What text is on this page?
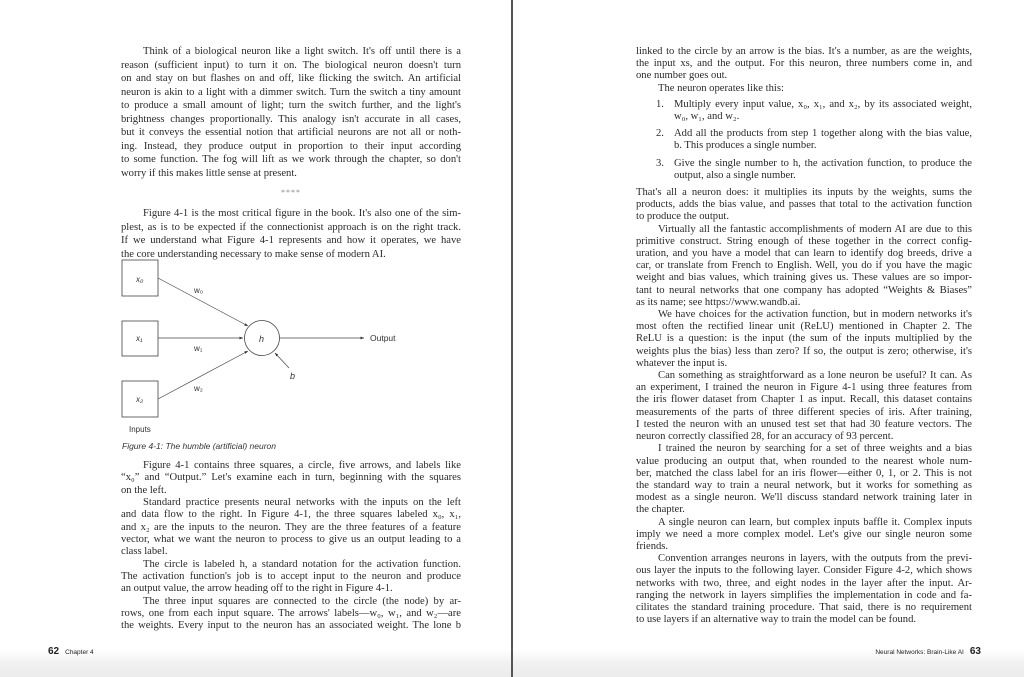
Think of a biological neuron like a light switch. It's off until there is a
reason (sufficient input) to turn it on. The biological neuron doesn't turn
on and stay on but flashes on and off, like flicking the switch. An artificial
neuron is akin to a light with a dimmer switch. Turn the switch a tiny amount
to produce a small amount of light; turn the switch further, and the light's
brightness changes proportionally. This analogy isn't accurate in all cases,
but it conveys the essential notion that artificial neurons are not all or noth-
ing. Instead, they produce output in proportion to their input according
to some function. The fog will lift as we work through the chapter, so don't
worry if this makes little sense at present.
****
Figure 4-1 is the most critical figure in the book. It's also one of the sim-
plest, as is to be expected if the connectionist approach is on the right track.
If we understand what Figure 4-1 represents and how it operates, we have
the core understanding necessary to make sense of modern AI.
x₀
x₁
x₂
w₀
w₁
w₂
h	Output
b
Inputs
Figure 4-1: The humble (artificial) neuron
Figure 4-1 contains three squares, a circle, five arrows, and labels like
“x₀” and “Output.” Let's examine each in turn, beginning with the squares
on the left.
Standard practice presents neural networks with the inputs on the left
and data flow to the right. In Figure 4-1, the three squares labeled x₀, x₁,
and x₂ are the inputs to the neuron. They are the three features of a feature
vector, what we want the neuron to process to give us an output leading to a
class label.
The circle is labeled h, a standard notation for the activation function.
The activation function's job is to accept input to the neuron and produce
an output value, the arrow heading off to the right in Figure 4-1.
The three input squares are connected to the circle (the node) by ar-
rows, one from each input square. The arrows' labels—w₀, w₁, and w₂—are
the weights. Every input to the neuron has an associated weight. The lone b
62 Chapter 4
linked to the circle by an arrow is the bias. It's a number, as are the weights,
the input xs, and the output. For this neuron, three numbers come in, and
one number goes out.
The neuron operates like this:
1. Multiply every input value, x₀, x₁, and x₂, by its associated weight,
w₀, w₁, and w₂.
2. Add all the products from step 1 together along with the bias value,
b. This produces a single number.
3. Give the single number to h, the activation function, to produce the
output, also a single number.
That's all a neuron does: it multiplies its inputs by the weights, sums the
products, adds the bias value, and passes that total to the activation function
to produce the output.
Virtually all the fantastic accomplishments of modern AI are due to this
primitive construct. String enough of these together in the correct config-
uration, and you have a model that can learn to identify dog breeds, drive a
car, or translate from French to English. Well, you do if you have the magic
weight and bias values, which training gives us. These values are so impor-
tant to neural networks that one company has adopted “Weights & Biases”
as its name; see https://www.wandb.ai.
We have choices for the activation function, but in modern networks it's
most often the rectified linear unit (ReLU) mentioned in Chapter 2. The
ReLU is a question: is the input (the sum of the inputs multiplied by the
weights plus the bias) less than zero? If so, the output is zero; otherwise, it's
whatever the input is.
Can something as straightforward as a lone neuron be useful? It can. As
an experiment, I trained the neuron in Figure 4-1 using three features from
the iris flower dataset from Chapter 1 as input. Recall, this dataset contains
measurements of the parts of three different species of iris. After training,
I tested the neuron with an unused test set that had 30 feature vectors. The
neuron correctly classified 28, for an accuracy of 93 percent.
I trained the neuron by searching for a set of three weights and a bias
value producing an output that, when rounded to the nearest whole num-
ber, matched the class label for an iris flower—either 0, 1, or 2. This is not
the standard way to train a neural network, but it works for something as
modest as a single neuron. We'll discuss standard network training later in
the chapter.
A single neuron can learn, but complex inputs baffle it. Complex inputs
imply we need a more complex model. Let's give our single neuron some
friends.
Convention arranges neurons in layers, with the outputs from the previ-
ous layer the inputs to the following layer. Consider Figure 4-2, which shows
networks with two, three, and eight nodes in the layer after the input. Ar-
ranging the network in layers simplifies the implementation in code and fa-
cilitates the standard training procedure. That said, there is no requirement
to use layers if an alternative way to train the model can be found.
Neural Networks: Brain-Like AI 63
